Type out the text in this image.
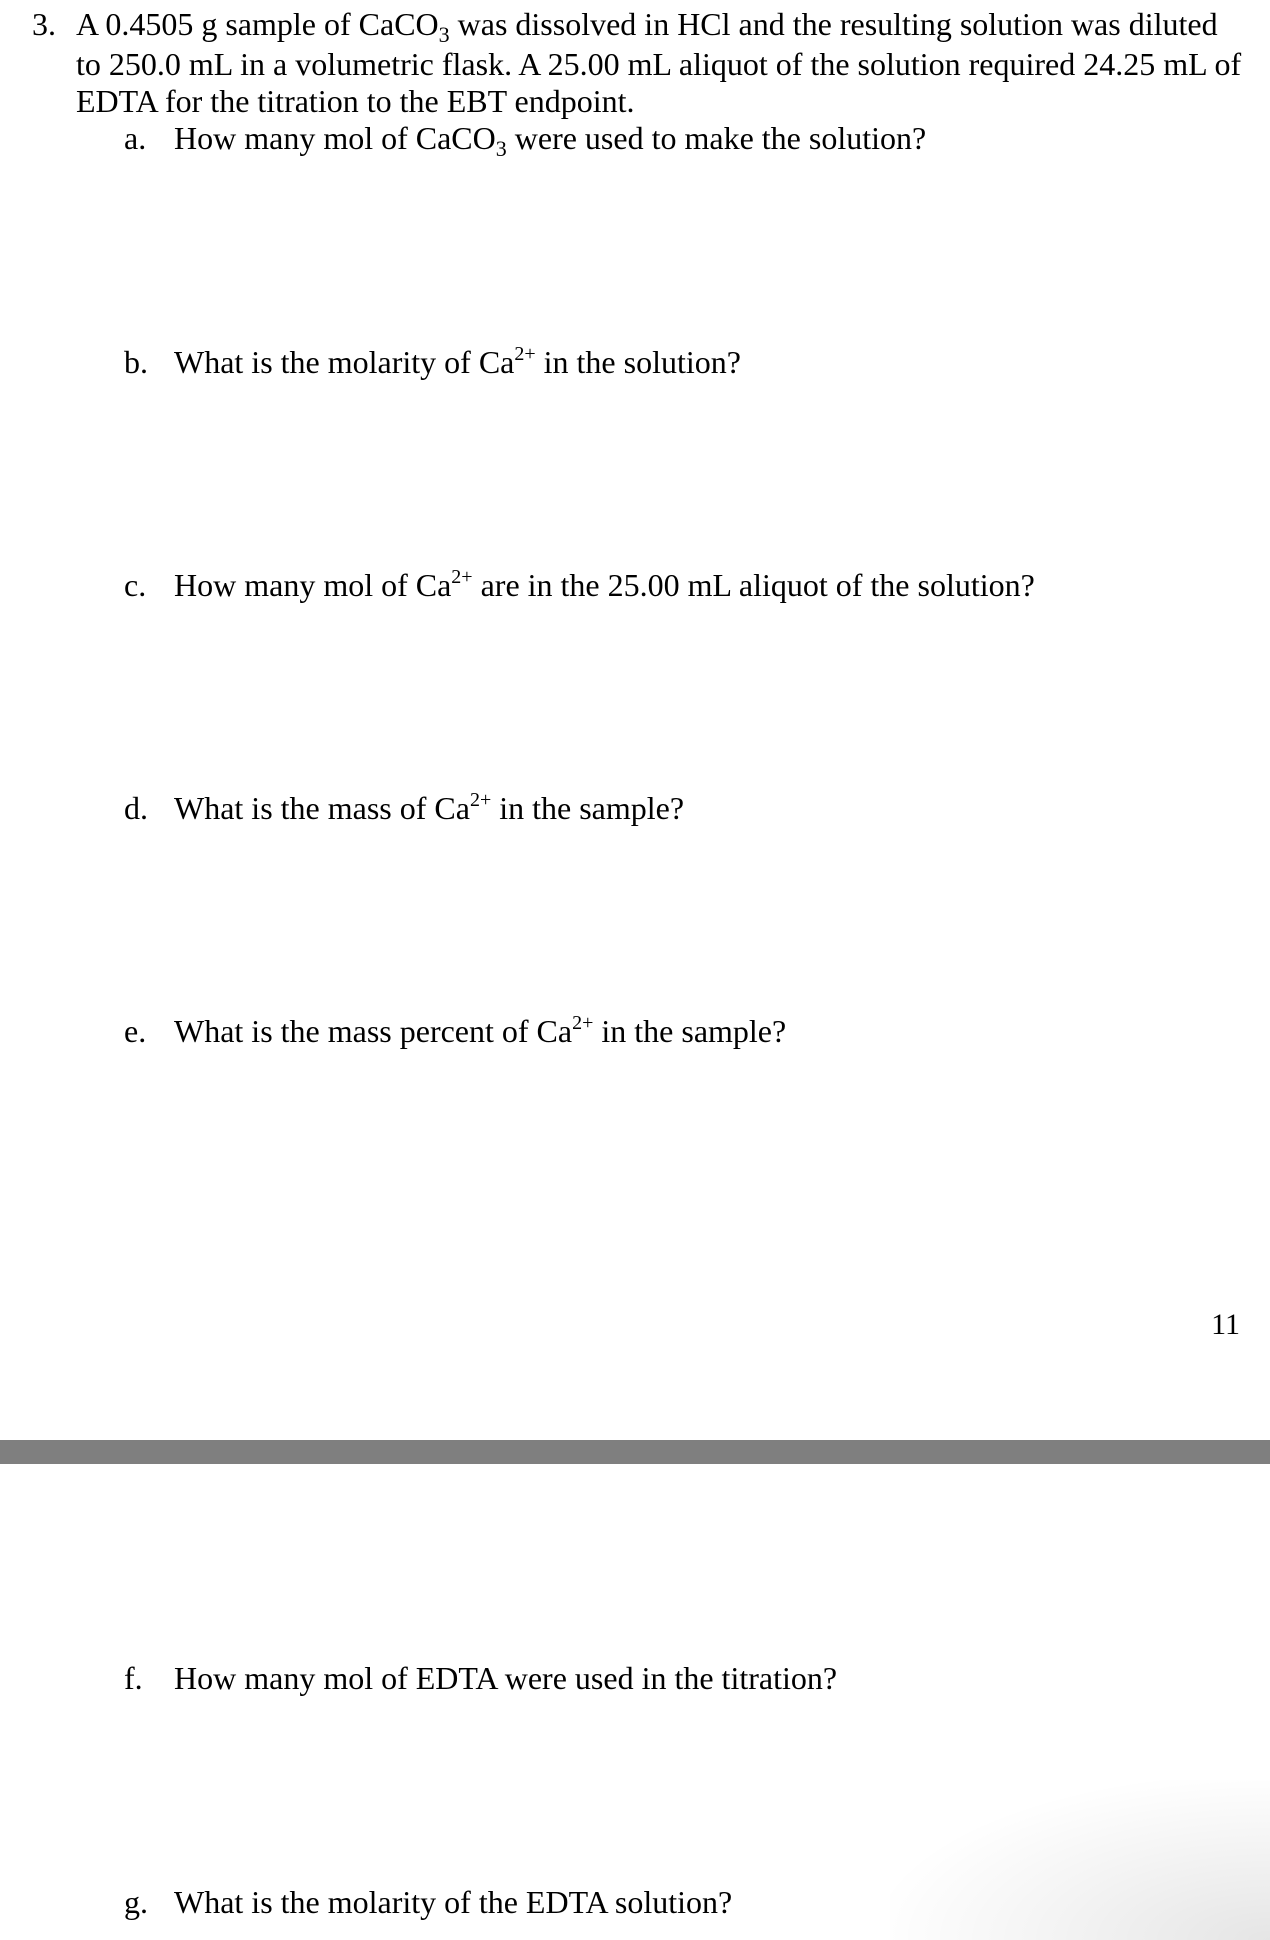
3. A 0.4505 g sample of CaCO$_3$ was dissolved in HCl and the resulting solution was diluted to 250.0 mL in a volumetric flask. A 25.00 mL aliquot of the solution required 24.25 mL of EDTA for the titration to the EBT endpoint.
a. How many mol of CaCO$_3$ were used to make the solution?
b. What is the molarity of $Ca^{2+}$ in the solution?
c. How many mol of $Ca^{2+}$ are in the 25.00 mL aliquot of the solution?
d. What is the mass of $Ca^{2+}$ in the sample?
e. What is the mass percent of $Ca^{2+}$ in the sample?
11
f. How many mol of EDTA were used in the titration?
g. What is the molarity of the EDTA solution?
